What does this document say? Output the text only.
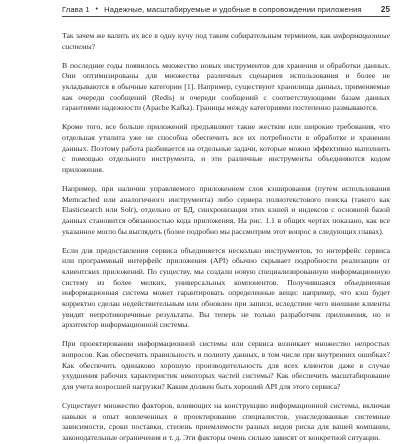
Глава 1 • Надежные, масштабируемые и удобные в сопровождении приложения	25

Так зачем же валить их все в одну кучу под таким собирательным термином, как информационные системы?

В последние годы появилось множество новых инструментов для хранения и обработки данных. Они оптимизированы для множества различных сценариев использования и более не укладываются в обычные категории [1]. Например, существуют хранилища данных, применяемые как очереди сообщений (Redis) и очереди сообщений с соответствующими базам данных гарантиями надежности (Apache Kafka). Границы между категориями постепенно размываются.

Кроме того, все больше приложений предъявляют такие жесткие или широкие требования, что отдельная утилита уже не способна обеспечить все их потребности в обработке и хранении данных. Поэтому работа разбивается на отдельные задачи, которые можно эффективно выполнить с помощью отдельного инструмента, и эти различные инструменты объединяются кодом приложения.

Например, при наличии управляемого приложением слоя кэширования (путем использования Memcached или аналогичного инструмента) либо сервера полнотекстового поиска (такого как Elasticsearch или Solr), отдельно от БД, синхронизация этих кэшей и индексов с основной базой данных становится обязанностью кода приложения. На рис. 1.1 в общих чертах показано, как все указанное могло бы выглядеть (более подробно мы рассмотрим этот вопрос в следующих главах).

Если для предоставления сервиса объединяется несколько инструментов, то интерфейс сервиса или программный интерфейс приложения (API) обычно скрывает подробности реализации от клиентских приложений. По существу, мы создали новую специализированную информационную систему из более мелких, универсальных компонентов. Получившаяся объединенная информационная система может гарантировать определенные вещи: например, что кэш будет корректно сделан недействительным или обновлен при записи, вследствие чего внешние клиенты увидят непротиворечивые результаты. Вы теперь не только разработчик приложения, но и архитектор информационной системы.

При проектировании информационной системы или сервиса возникает множество непростых вопросов. Как обеспечить правильность и полноту данных, в том числе при внутренних ошибках? Как обеспечить одинаково хорошую производительность для всех клиентов даже в случае ухудшения рабочих характеристик некоторых частей системы? Как обеспечить масштабирование для учета возросшей нагрузки? Каким должен быть хороший API для этого сервиса?

Существует множество факторов, влияющих на конструкцию информационной системы, включая навыки и опыт вовлеченных в проектирование специалистов, унаследованные системные зависимости, сроки поставки, степень приемлемости разных видов риска для вашей компании, законодательные ограничения и т. д. Эти факторы очень сильно зависят от конкретной ситуации.
